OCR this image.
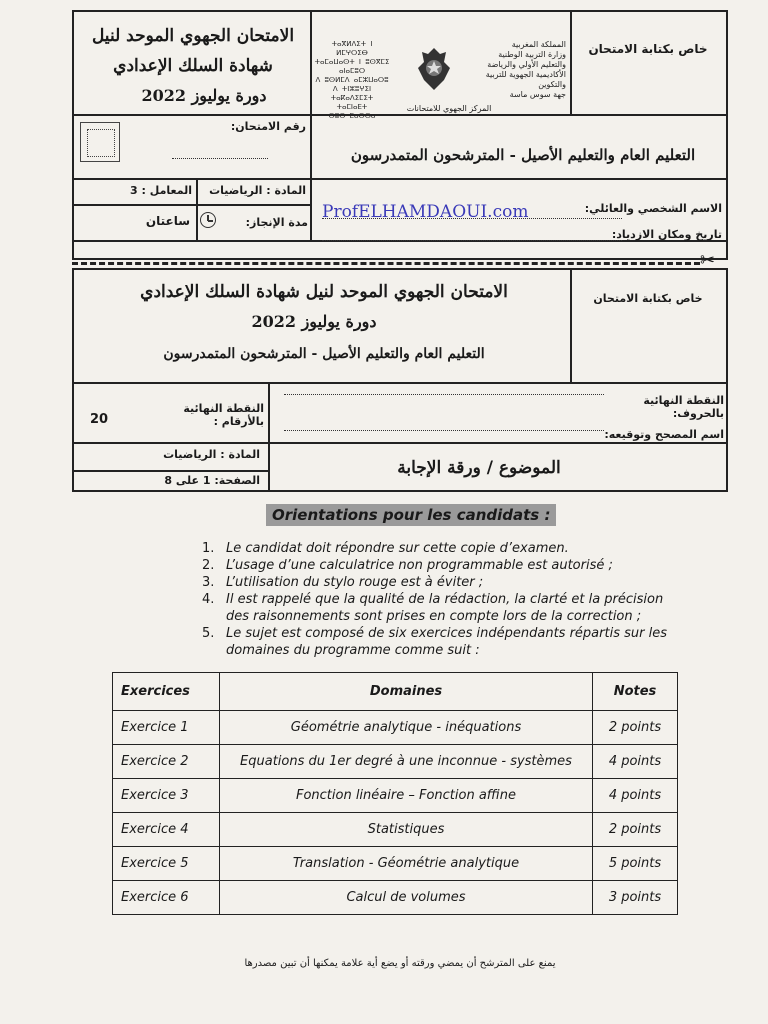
خاص بكتابة الامتحان
الامتحان الجهوي الموحد لنيل
شهادة السلك الإعدادي
دورة يوليوز 2022
ⵜⴰⴳⵍⴷⵉⵜ ⵏ ⵍⵎⵖⵔⵉⴱ
ⵜⴰⵎⴰⵡⴰⵙⵜ ⵏ ⵓⵙⴳⵎⵉ ⴰⵏⴰⵎⵓⵔ
ⴷ ⵓⵙⵍⵎⴷ ⴰⵎⵣⵡⴰⵔⵓ ⴷ ⵜⵏⵣⵓⵖⵉⵏ
ⵜⴰⴽⴰⴷⵉⵎⵉⵜ ⵜⴰⵎⵏⴰⴹⵜ
ⵙⵓⵙ ⵎⴰⵙⵙⴰ
المملكة المغربية
وزارة التربية الوطنية
والتعليم الأولي والرياضة
الأكاديمية الجهوية للتربية والتكوين
جهة سوس ماسة
المركز الجهوي للامتحانات
رقم الامتحان:
التعليم العام والتعليم الأصيل - المترشحون المتمدرسون
المادة : الرياضيات
المعامل : 3
مدة الإنجاز:
ساعتان
الاسم الشخصي والعائلي:
تاريخ ومكان الازدياد:
ProfELHAMDAOUI.com
✂
الامتحان الجهوي الموحد لنيل شهادة السلك الإعدادي
دورة يوليوز 2022
التعليم العام والتعليم الأصيل - المترشحون المتمدرسون
خاص بكتابة الامتحان
النقطة النهائية بالأرقام :
20
النقطة النهائية بالحروف:
اسم المصحح وتوقيعه:
المادة : الرياضيات
الصفحة: 1 على 8
الموضوع / ورقة الإجابة
Orientations pour les candidats :
1. Le candidat doit répondre sur cette copie d’examen.
2. L’usage d’une calculatrice non programmable est autorisé ;
3. L’utilisation du stylo rouge est à éviter ;
4. Il est rappelé que la qualité de la rédaction, la clarté et la précision des raisonnements sont prises en compte lors de la correction ;
5. Le sujet est composé de six exercices indépendants répartis sur les domaines du programme comme suit :
Exercices	Domaines	Notes
Exercice 1	Géométrie analytique - inéquations	2 points
Exercice 2	Equations du 1er degré à une inconnue - systèmes	4 points
Exercice 3	Fonction linéaire – Fonction affine	4 points
Exercice 4	Statistiques	2 points
Exercice 5	Translation - Géométrie analytique	5 points
Exercice 6	Calcul de volumes	3 points
يمنع على المترشح أن يمضي ورقته أو يضع أية علامة يمكنها أن تبين مصدرها
